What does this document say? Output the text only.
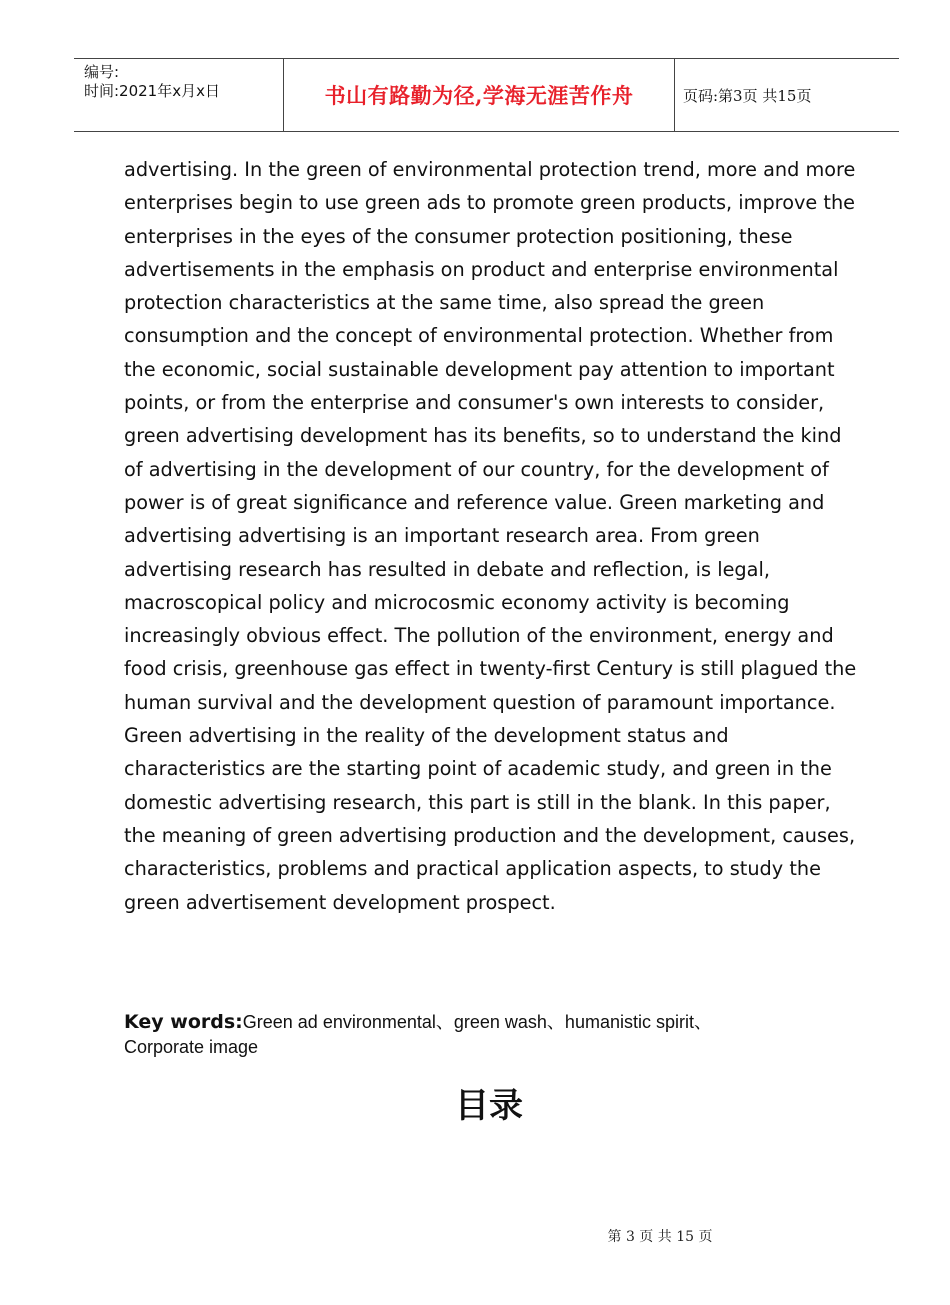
编号:
时间:2021年x月x日	书山有路勤为径,学海无涯苦作舟	页码:第3页 共15页
advertising. In the green of environmental protection trend, more and more enterprises begin to use green ads to promote green products, improve the enterprises in the eyes of the consumer protection positioning, these advertisements in the emphasis on product and enterprise environmental protection characteristics at the same time, also spread the green consumption and the concept of environmental protection. Whether from the economic, social sustainable development pay attention to important points, or from the enterprise and consumer's own interests to consider, green advertising development has its benefits, so to understand the kind of advertising in the development of our country, for the development of power is of great significance and reference value. Green marketing and advertising advertising is an important research area. From green advertising research has resulted in debate and reflection, is legal, macroscopical policy and microcosmic economy activity is becoming increasingly obvious effect. The pollution of the environment, energy and food crisis, greenhouse gas effect in twenty-first Century is still plagued the human survival and the development question of paramount importance. Green advertising in the reality of the development status and characteristics are the starting point of academic study, and green in the domestic advertising research, this part is still in the blank. In this paper, the meaning of green advertising production and the development, causes, characteristics, problems and practical application aspects, to study the green advertisement development prospect.
Key words:Green ad environmental、green wash、humanistic spirit、Corporate image
目录
第 3 页 共 15 页
